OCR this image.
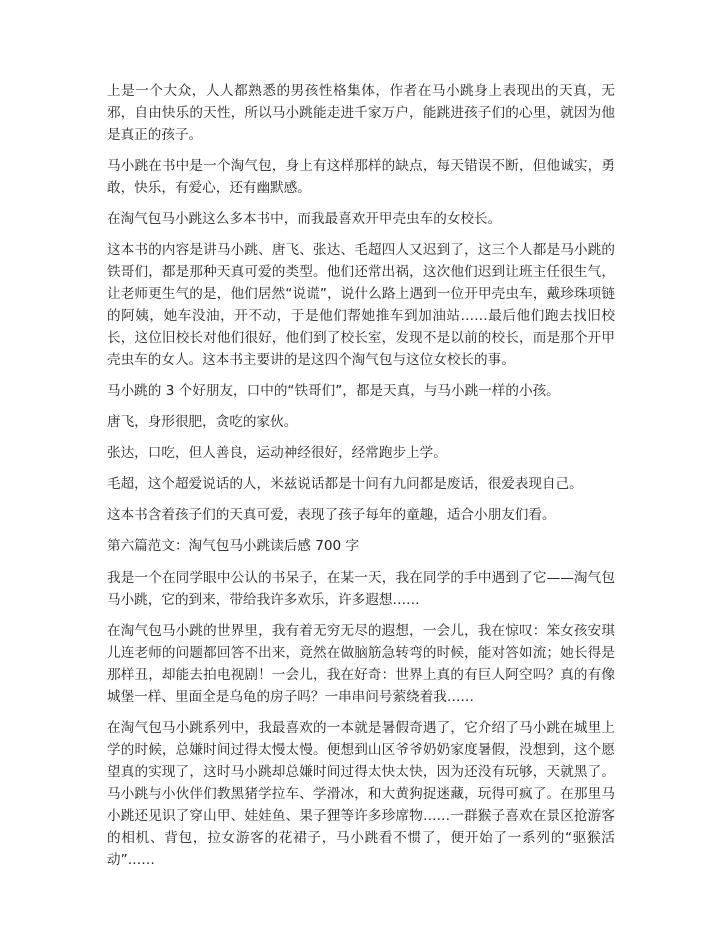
上是一个大众，人人都熟悉的男孩性格集体，作者在马小跳身上表现出的天真，无邪，自由快乐的天性，所以马小跳能走进千家万户，能跳进孩子们的心里，就因为他是真正的孩子。

马小跳在书中是一个淘气包，身上有这样那样的缺点，每天错误不断，但他诚实，勇敢，快乐，有爱心，还有幽默感。

在淘气包马小跳这么多本书中，而我最喜欢开甲壳虫车的女校长。

这本书的内容是讲马小跳、唐飞、张达、毛超四人又迟到了，这三个人都是马小跳的铁哥们，都是那种天真可爱的类型。他们还常出祸，这次他们迟到让班主任很生气，让老师更生气的是，他们居然“说谎”，说什么路上遇到一位开甲壳虫车，戴珍珠项链的阿姨，她车没油，开不动，于是他们帮她推车到加油站……最后他们跑去找旧校长，这位旧校长对他们很好，他们到了校长室，发现不是以前的校长，而是那个开甲壳虫车的女人。这本书主要讲的是这四个淘气包与这位女校长的事。

马小跳的 3 个好朋友，口中的“铁哥们”，都是天真，与马小跳一样的小孩。

唐飞，身形很肥，贪吃的家伙。

张达，口吃，但人善良，运动神经很好，经常跑步上学。

毛超，这个超爱说话的人，米兹说话都是十问有九问都是废话，很爱表现自己。

这本书含着孩子们的天真可爱，表现了孩子每年的童趣，适合小朋友们看。

第六篇范文：淘气包马小跳读后感 700 字

我是一个在同学眼中公认的书呆子，在某一天，我在同学的手中遇到了它——淘气包马小跳，它的到来，带给我许多欢乐，许多遐想……

在淘气包马小跳的世界里，我有着无穷无尽的遐想，一会儿，我在惊叹：笨女孩安琪儿连老师的问题都回答不出来，竟然在做脑筋急转弯的时候，能对答如流；她长得是那样丑，却能去拍电视剧！一会儿，我在好奇：世界上真的有巨人阿空吗？真的有像城堡一样、里面全是乌龟的房子吗？一串串问号萦绕着我……

在淘气包马小跳系列中，我最喜欢的一本就是暑假奇遇了，它介绍了马小跳在城里上学的时候，总嫌时间过得太慢太慢。便想到山区爷爷奶奶家度暑假，没想到，这个愿望真的实现了，这时马小跳却总嫌时间过得太快太快，因为还没有玩够，天就黑了。马小跳与小伙伴们教黑猪学拉车、学滑冰，和大黄狗捉迷藏，玩得可疯了。在那里马小跳还见识了穿山甲、娃娃鱼、果子狸等许多珍席物……一群猴子喜欢在景区抢游客的相机、背包，拉女游客的花裙子，马小跳看不惯了，便开始了一系列的“驱猴活动”……
